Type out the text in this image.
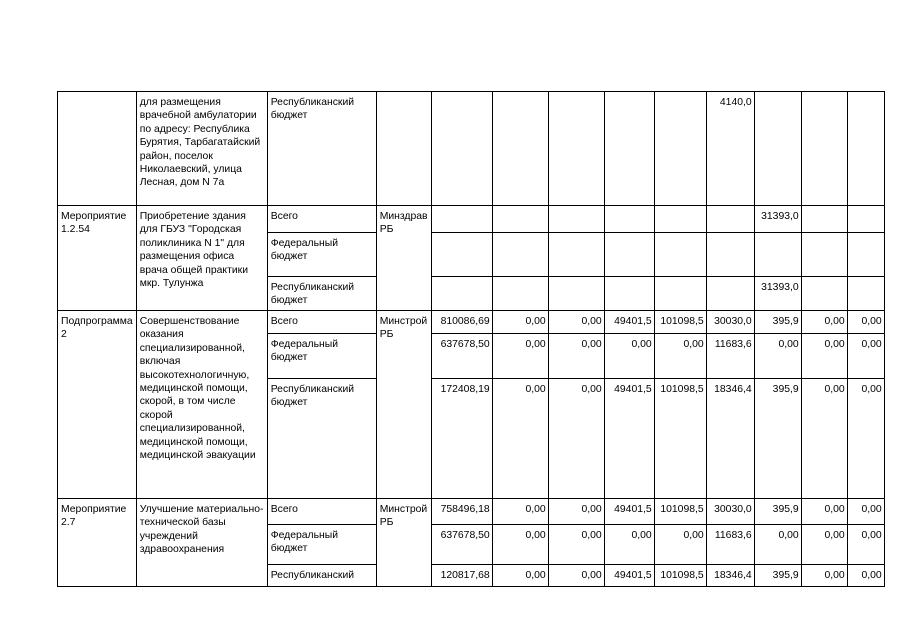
	для размещения врачебной амбулатории по адресу: Республика Бурятия, Тарбагатайский район, поселок Николаевский, улица Лесная, дом N 7а	Республиканский бюджет							4140,0			
Мероприятие 1.2.54	Приобретение здания для ГБУЗ "Городская поликлиника N 1" для размещения офиса врача общей практики мкр. Тулунжа	Всего	Минздрав РБ							31393,0		
		Федеральный бюджет										
		Республиканский бюджет								31393,0		
Подпрограмма 2	Совершенствование оказания специализированной, включая высокотехнологичную, медицинской помощи, скорой, в том числе скорой специализированной, медицинской помощи, медицинской эвакуации	Всего	Минстрой РБ	810086,69	0,00	0,00	49401,5	101098,5	30030,0	395,9	0,00	0,00
		Федеральный бюджет		637678,50	0,00	0,00	0,00	0,00	11683,6	0,00	0,00	0,00
		Республиканский бюджет		172408,19	0,00	0,00	49401,5	101098,5	18346,4	395,9	0,00	0,00
Мероприятие 2.7	Улучшение материально-технической базы учреждений здравоохранения	Всего	Минстрой РБ	758496,18	0,00	0,00	49401,5	101098,5	30030,0	395,9	0,00	0,00
		Федеральный бюджет		637678,50	0,00	0,00	0,00	0,00	11683,6	0,00	0,00	0,00
		Республиканский		120817,68	0,00	0,00	49401,5	101098,5	18346,4	395,9	0,00	0,00
